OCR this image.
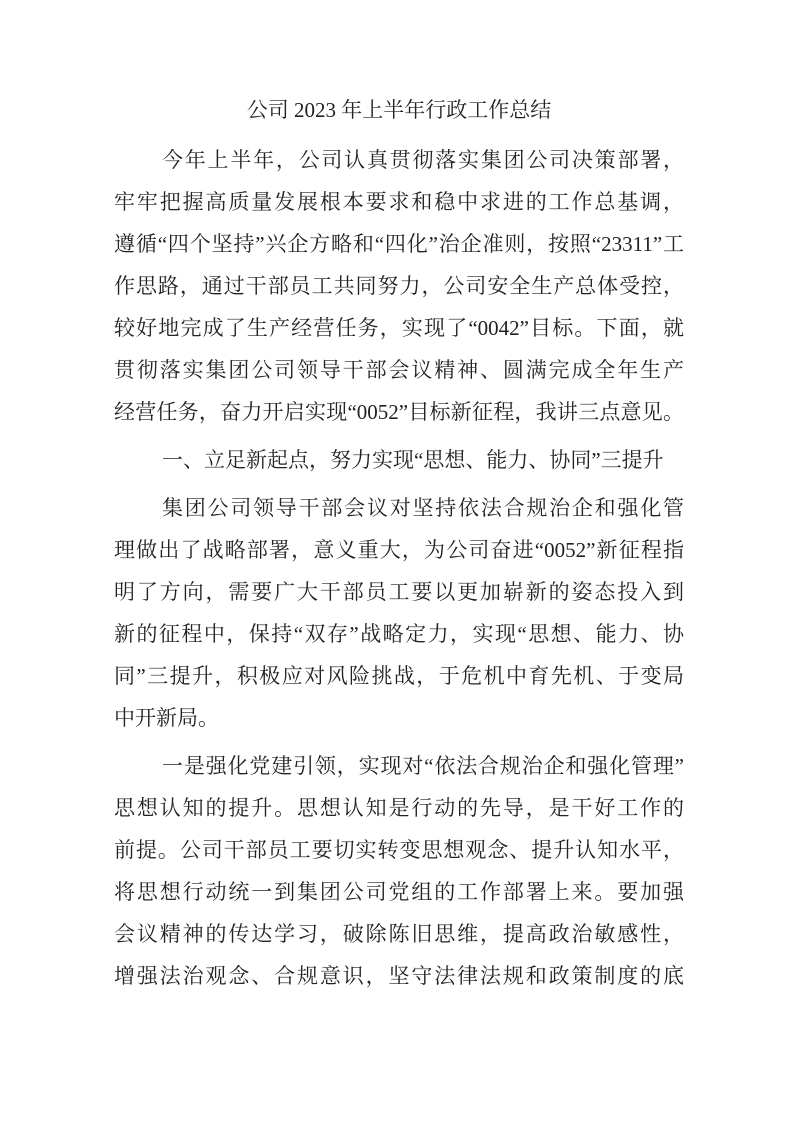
公司 2023 年上半年行政工作总结
今年上半年，公司认真贯彻落实集团公司决策部署，
牢牢把握高质量发展根本要求和稳中求进的工作总基调，
遵循“四个坚持”兴企方略和“四化”治企准则，按照“23311”工
作思路，通过干部员工共同努力，公司安全生产总体受控，
较好地完成了生产经营任务，实现了“0042”目标。下面，就
贯彻落实集团公司领导干部会议精神、圆满完成全年生产
经营任务，奋力开启实现“0052”目标新征程，我讲三点意见。
一、立足新起点，努力实现“思想、能力、协同”三提升
集团公司领导干部会议对坚持依法合规治企和强化管
理做出了战略部署，意义重大，为公司奋进“0052”新征程指
明了方向，需要广大干部员工要以更加崭新的姿态投入到
新的征程中，保持“双存”战略定力，实现“思想、能力、协
同”三提升，积极应对风险挑战，于危机中育先机、于变局
中开新局。
一是强化党建引领，实现对“依法合规治企和强化管理”
思想认知的提升。思想认知是行动的先导，是干好工作的
前提。公司干部员工要切实转变思想观念、提升认知水平，
将思想行动统一到集团公司党组的工作部署上来。要加强
会议精神的传达学习，破除陈旧思维，提高政治敏感性，
增强法治观念、合规意识，坚守法律法规和政策制度的底
